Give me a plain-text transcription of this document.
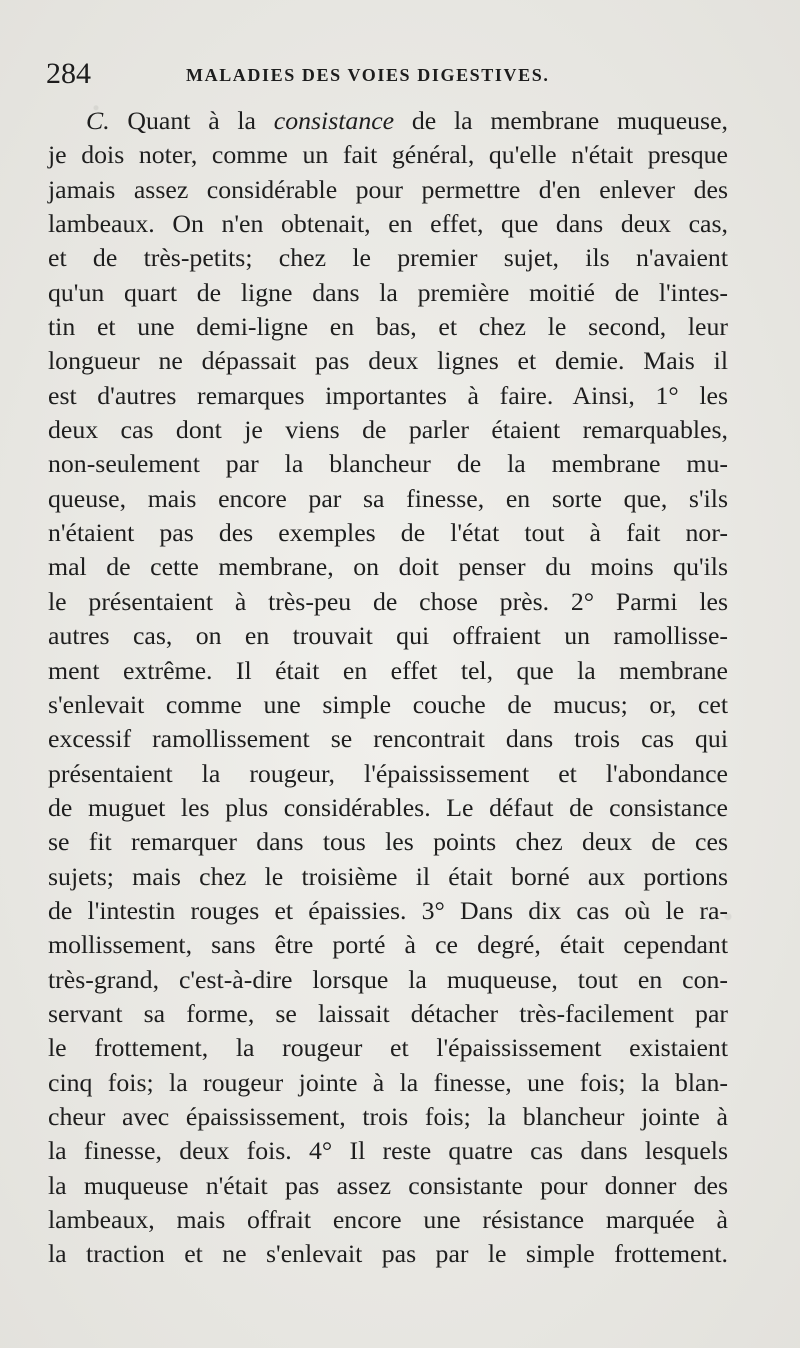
284	MALADIES DES VOIES DIGESTIVES.
C. Quant à la consistance de la membrane muqueuse,
je dois noter, comme un fait général, qu'elle n'était presque
jamais assez considérable pour permettre d'en enlever des
lambeaux. On n'en obtenait, en effet, que dans deux cas,
et de très-petits; chez le premier sujet, ils n'avaient
qu'un quart de ligne dans la première moitié de l'intes-
tin et une demi-ligne en bas, et chez le second, leur
longueur ne dépassait pas deux lignes et demie. Mais il
est d'autres remarques importantes à faire. Ainsi, 1° les
deux cas dont je viens de parler étaient remarquables,
non-seulement par la blancheur de la membrane mu-
queuse, mais encore par sa finesse, en sorte que, s'ils
n'étaient pas des exemples de l'état tout à fait nor-
mal de cette membrane, on doit penser du moins qu'ils
le présentaient à très-peu de chose près. 2° Parmi les
autres cas, on en trouvait qui offraient un ramollisse-
ment extrême. Il était en effet tel, que la membrane
s'enlevait comme une simple couche de mucus; or, cet
excessif ramollissement se rencontrait dans trois cas qui
présentaient la rougeur, l'épaississement et l'abondance
de muguet les plus considérables. Le défaut de consistance
se fit remarquer dans tous les points chez deux de ces
sujets; mais chez le troisième il était borné aux portions
de l'intestin rouges et épaissies. 3° Dans dix cas où le ra-
mollissement, sans être porté à ce degré, était cependant
très-grand, c'est-à-dire lorsque la muqueuse, tout en con-
servant sa forme, se laissait détacher très-facilement par
le frottement, la rougeur et l'épaississement existaient
cinq fois; la rougeur jointe à la finesse, une fois; la blan-
cheur avec épaississement, trois fois; la blancheur jointe à
la finesse, deux fois. 4° Il reste quatre cas dans lesquels
la muqueuse n'était pas assez consistante pour donner des
lambeaux, mais offrait encore une résistance marquée à
la traction et ne s'enlevait pas par le simple frottement.
